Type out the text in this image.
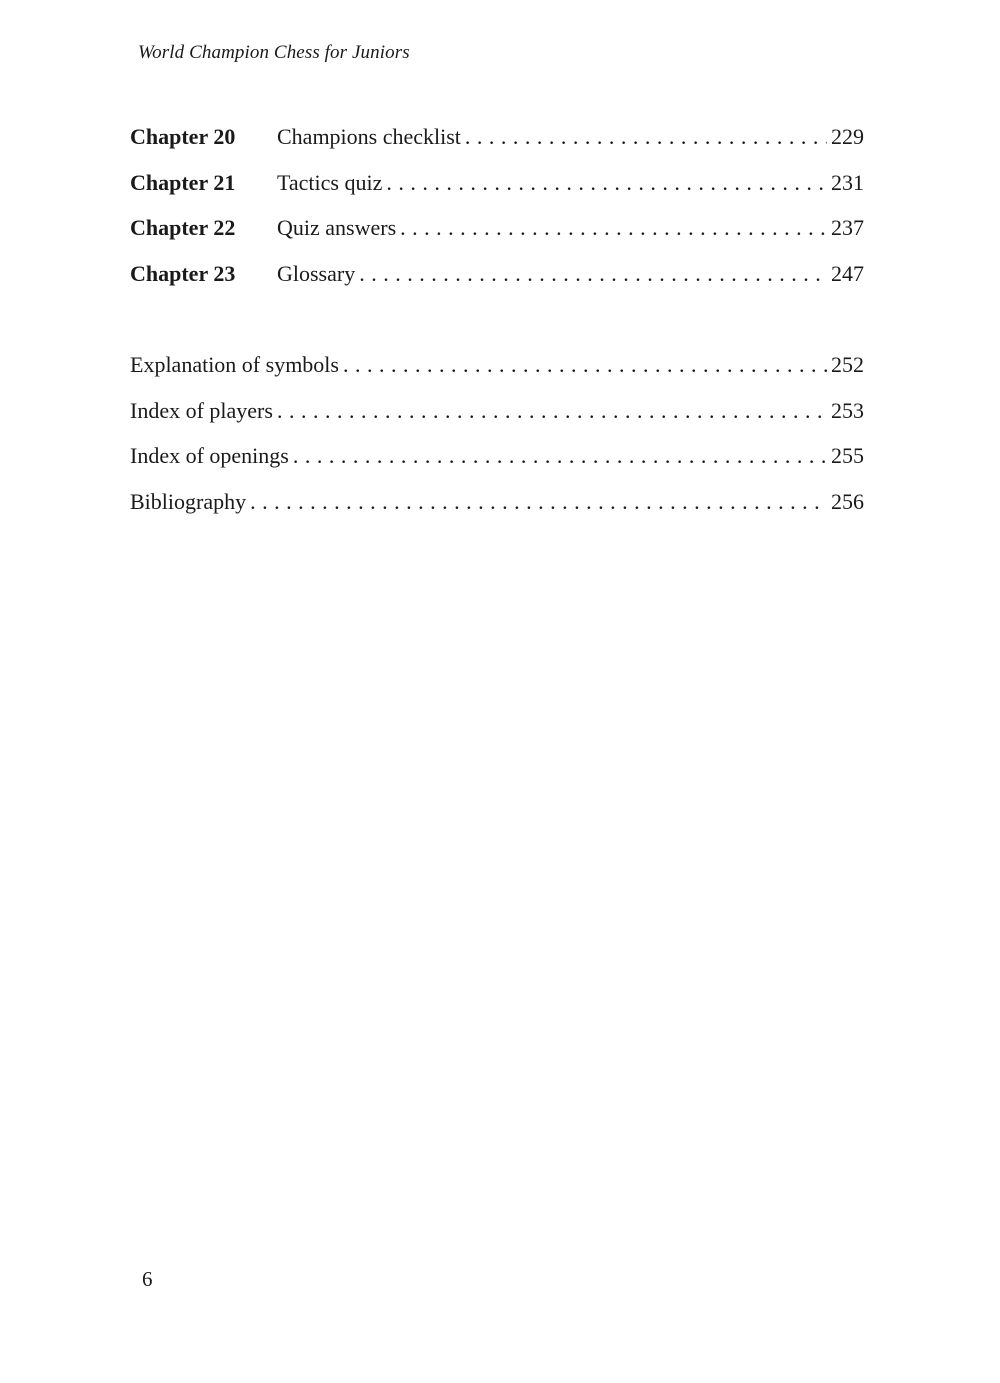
World Champion Chess for Juniors
Chapter 20	Champions checklist . . .	229
Chapter 21	Tactics quiz . . .	231
Chapter 22	Quiz answers . . .	237
Chapter 23	Glossary . . .	247
Explanation of symbols . . .	252
Index of players . . .	253
Index of openings . . .	255
Bibliography . . .	256
6
